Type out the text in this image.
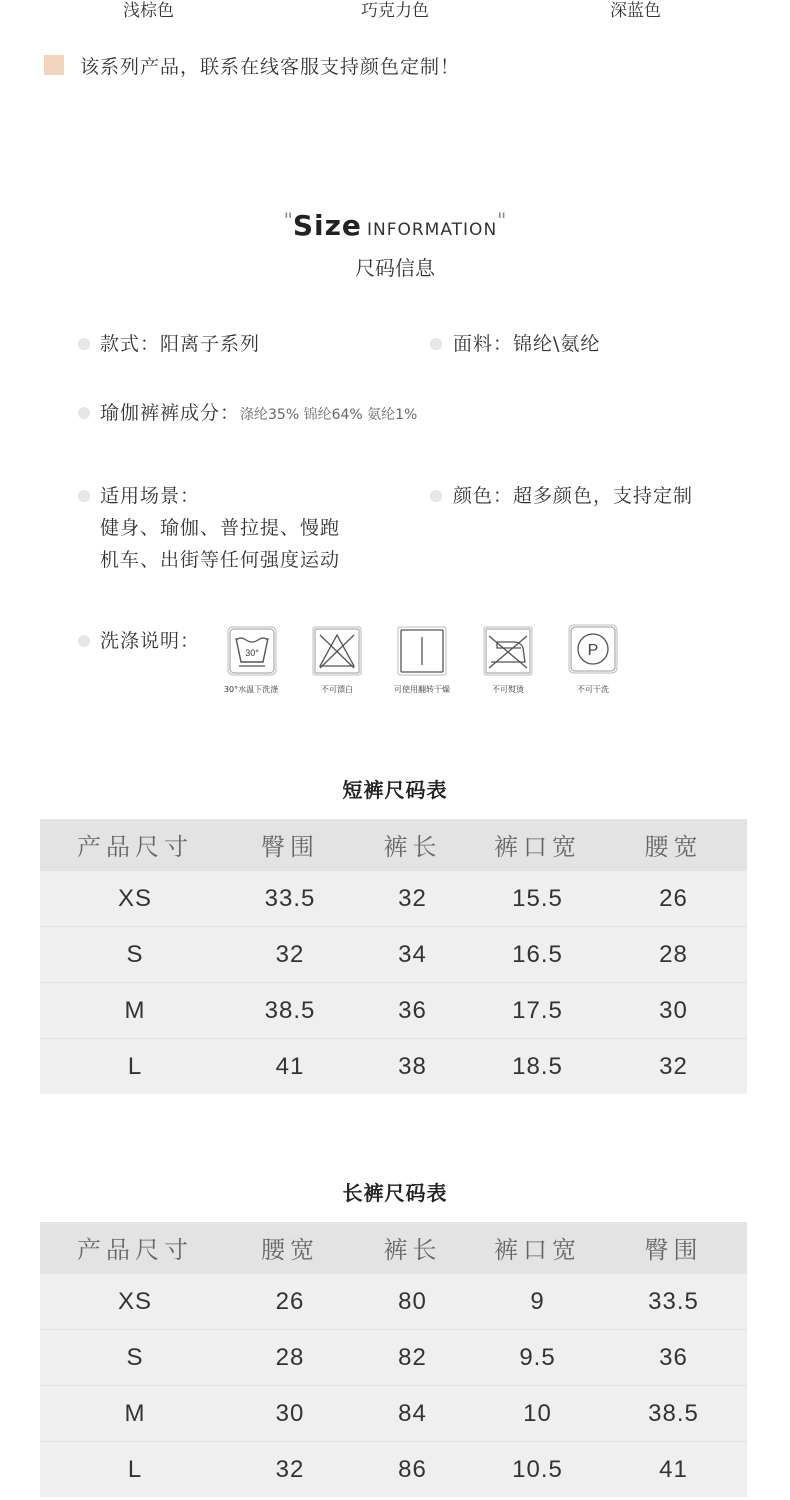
浅棕色	巧克力色	深蓝色
该系列产品，联系在线客服支持颜色定制！
"Size INFORMATION"
尺码信息
款式：阳离子系列	面料：锦纶\氨纶
瑜伽裤裤成分：涤纶35% 锦纶64% 氨纶1%
适用场景：
健身、瑜伽、普拉提、慢跑
机车、出街等任何强度运动
颜色：超多颜色，支持定制
洗涤说明：
30°
30°水温下洗涤	不可漂白	可使用翻转干燥	不可熨烫
P
不可干洗
短裤尺码表
产品尺寸	臀围	裤长	裤口宽	腰宽
XS	33.5	32	15.5	26
S	32	34	16.5	28
M	38.5	36	17.5	30
L	41	38	18.5	32
长裤尺码表
产品尺寸	腰宽	裤长	裤口宽	臀围
XS	26	80	9	33.5
S	28	82	9.5	36
M	30	84	10	38.5
L	32	86	10.5	41
